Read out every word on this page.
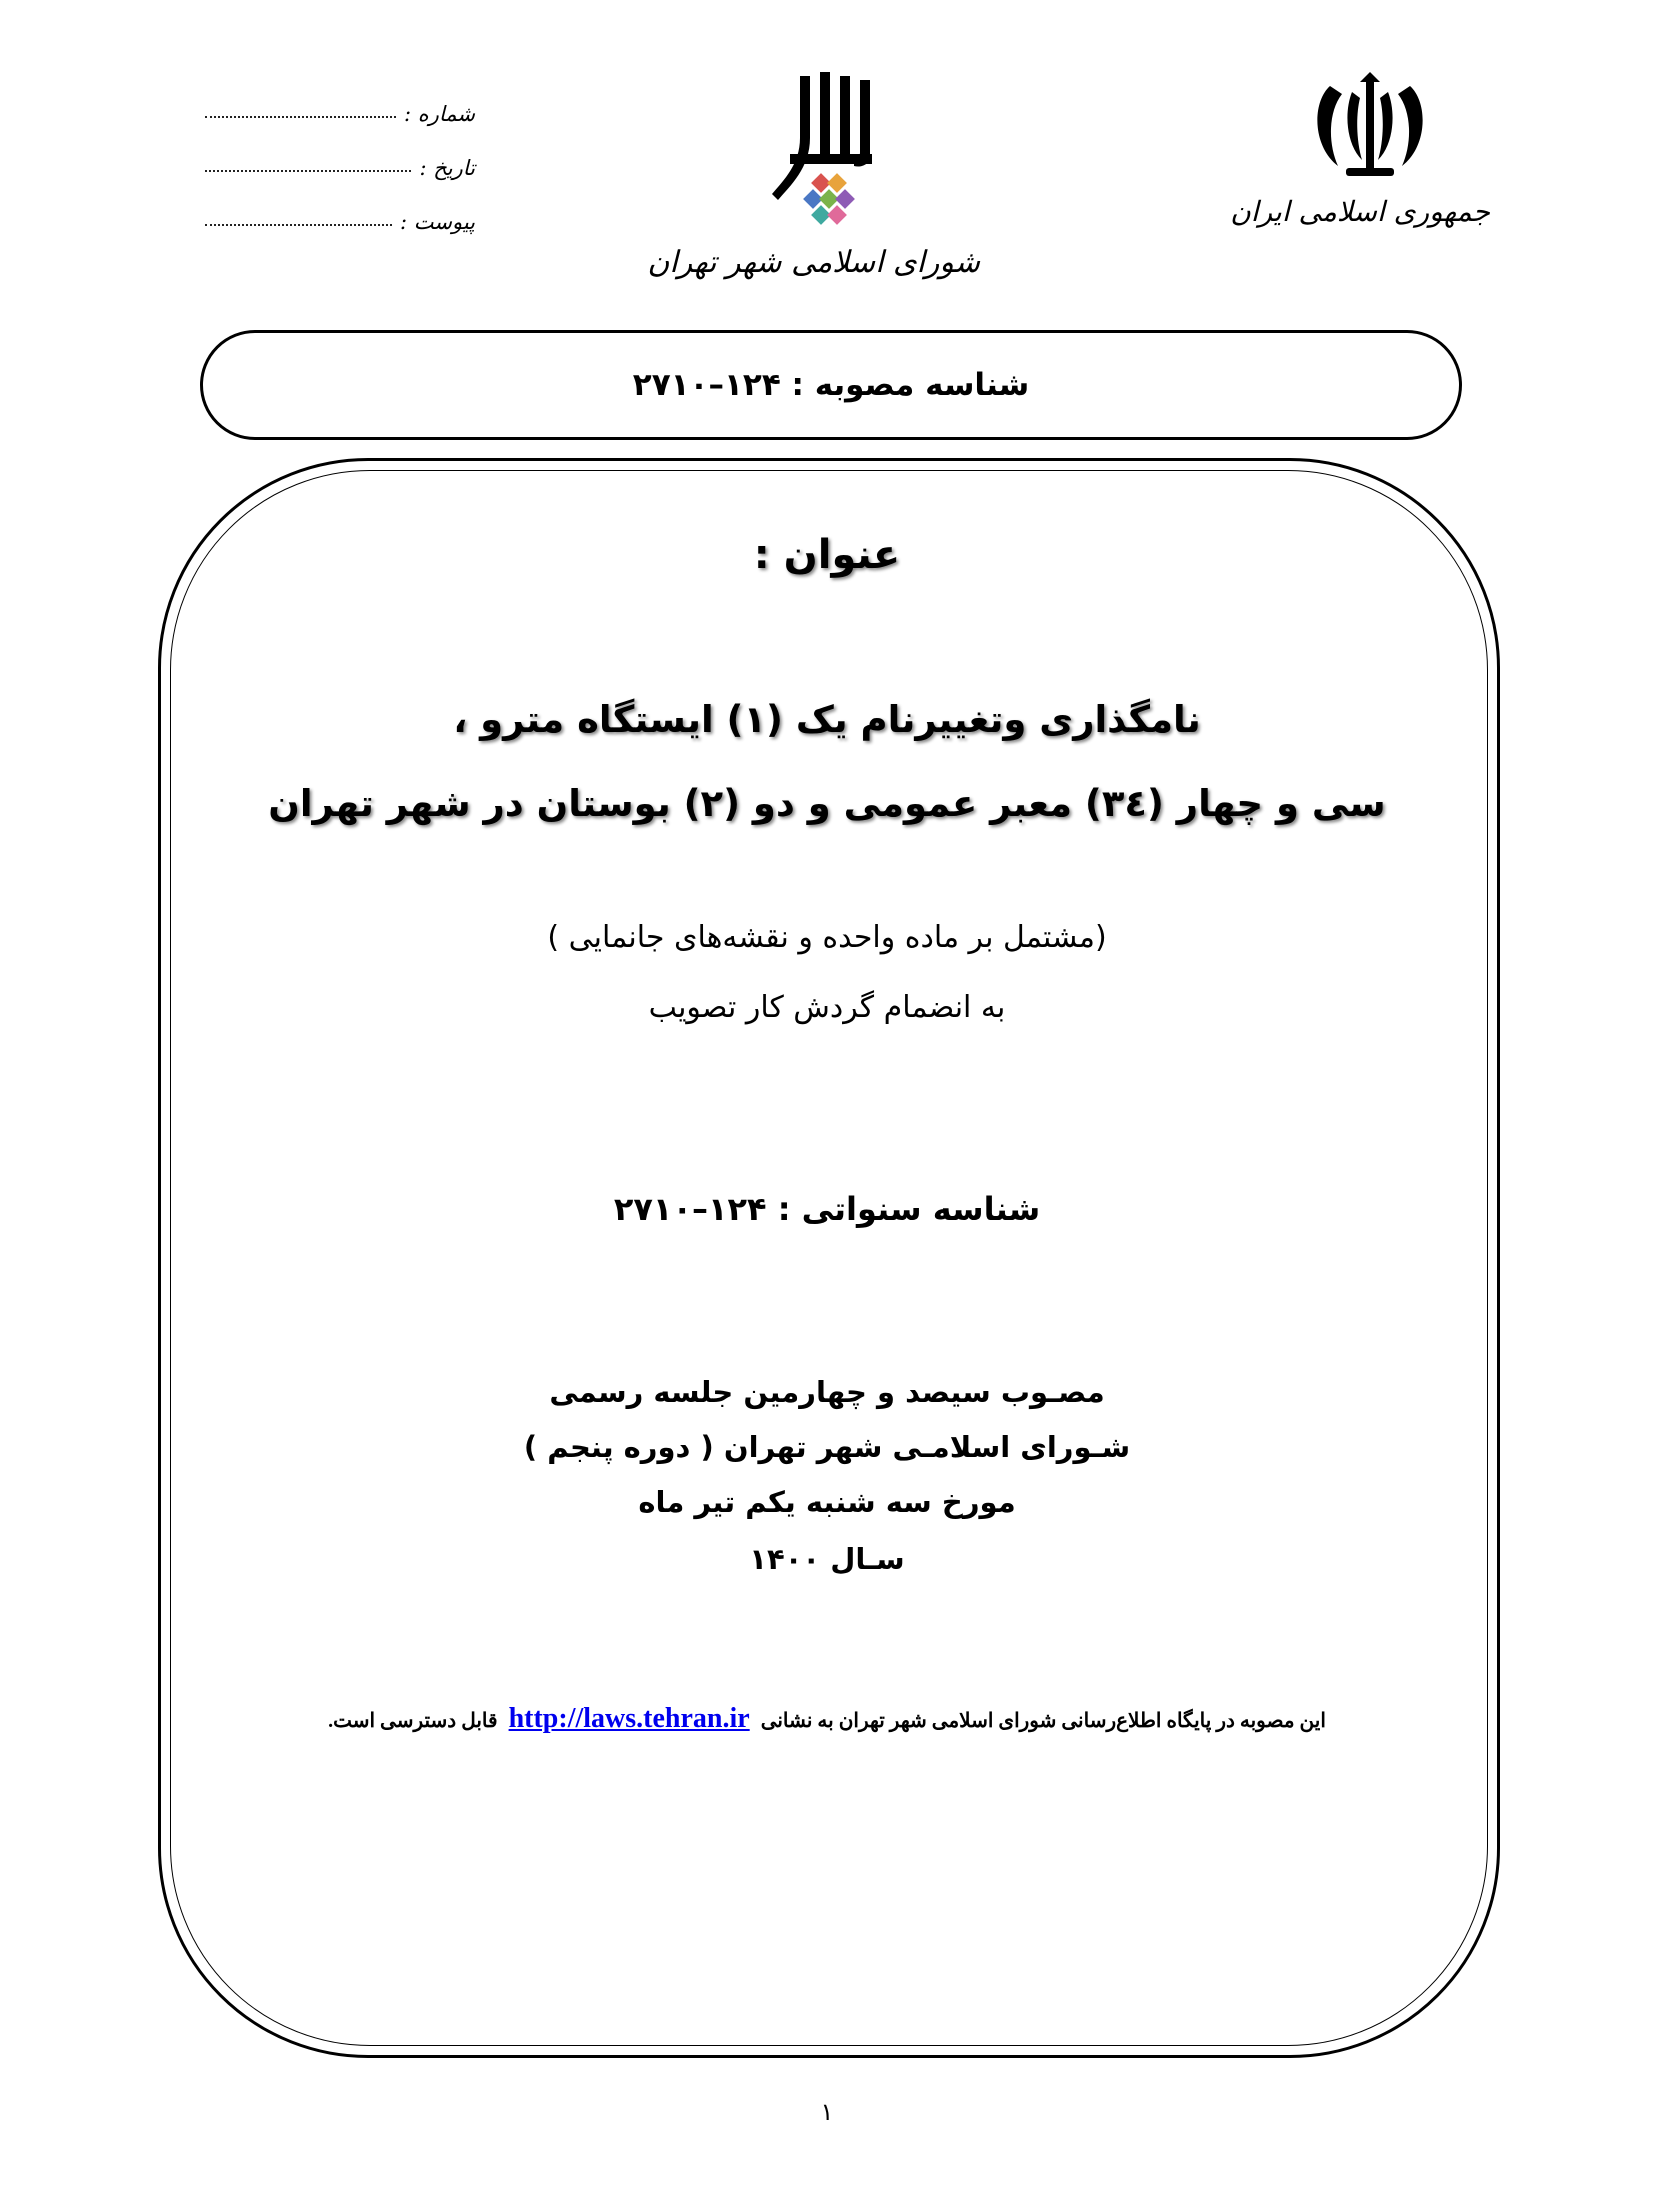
جمهوری اسلامی ایران
شورای اسلامی شهر تهران
شماره :
تاریخ :
پیوست :
شناسه مصوبه : ۱۲۴–۲۷۱۰
عنوان :
نامگذاری وتغییرنام یک (۱) ایستگاه مترو ،
سی و چهار (۳٤) معبر عمومی و دو (۲) بوستان در شهر تهران
(مشتمل بر ماده واحده و نقشه‌های جانمایی )
به انضمام گردش کار تصویب
شناسه سنواتی : ۱۲۴–۲۷۱۰
مصـوب سیصد و چهارمین جلسه رسمی
شـورای اسلامـی شهر تهران ( دوره پنجم )
مورخ سه شنبه یکم تیر ماه
سـال ۱۴۰۰
این مصوبه در پایگاه اطلاع‌رسانی شورای اسلامی شهر تهران به نشانی http://laws.tehran.ir قابل دسترسی است.
۱
